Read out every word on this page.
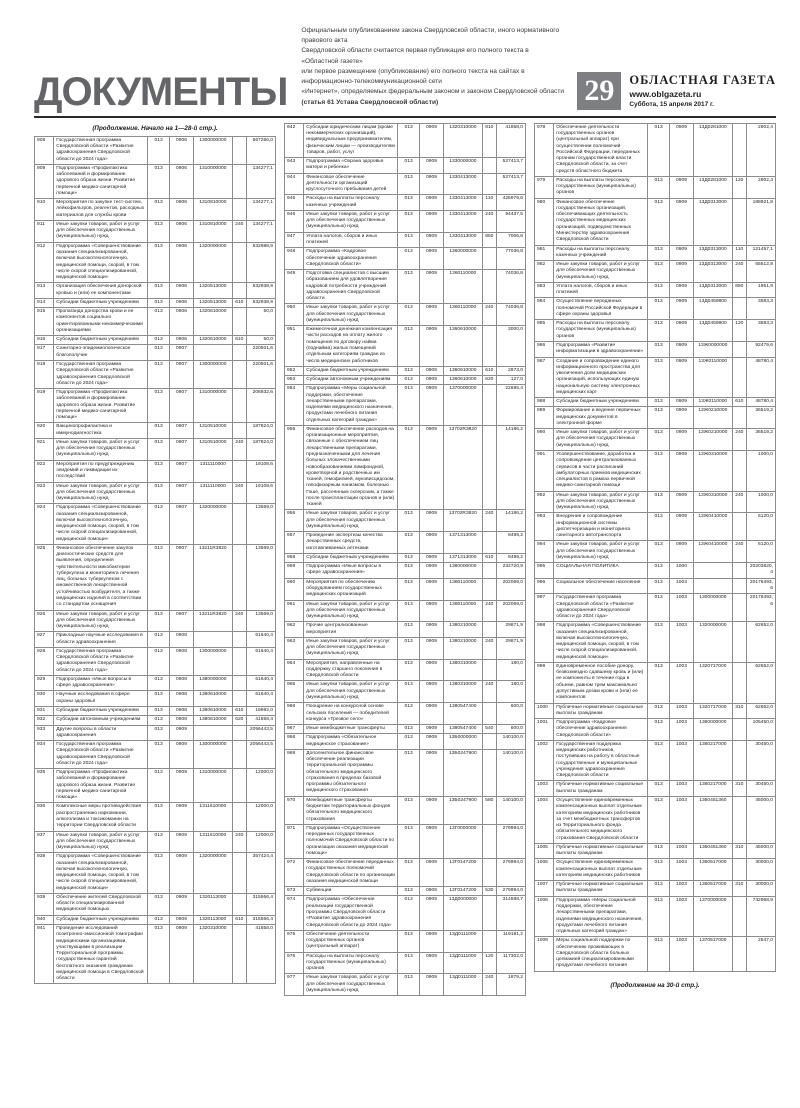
ДОКУМЕНТЫ
Официальным опубликованием закона Свердловской области, иного нормативного правового акта
Свердловской области считается первая публикация его полного текста в «Областной газете»
или первое размещение (опубликование) его полного текста на сайтах в информационно-телекоммуникационной сети
«Интернет», определяемых федеральным законом и законом Свердловской области (статья 61 Устава Свердловской области)	29	ОБЛАСТНАЯ ГАЗЕТА
www.oblgazeta.ru
Суббота, 15 апреля 2017 г.
(Продолжение. Начало на 1—28-й стр.).
908	Государственная программа Свердловской области «Развитие здравоохранения Свердловской области до 2024 года»	013	0906	1300000000		667266,0
909	Подпрограмма «Профилактика заболеваний и формирование здорового образа жизни. Развитие первичной медико-санитарной помощи»	013	0906	1310000000		134277,1
910	Мероприятия по закупке тест-систем, лейкофильтров, реагентов, расходных материалов для службы крови	013	0906	1310810000		134277,1
911	Иные закупки товаров, работ и услуг для обеспечения государственных (муниципальных) нужд	013	0906	1310810000	240	134277,1
912	Подпрограмма «Совершенствование оказания специализированной, включая высокотехнологичную, медицинской помощи, скорой, в том числе скорой специализированной, медицинской помощи»	013	0906	1320000000		532988,9
913	Организация обеспечения донорской кровью и (или) ее компонентами	013	0906	1320513000		532938,9
914	Субсидии бюджетным учреждениям	013	0906	1320513000	610	532938,9
915	Пропаганда донорства крови и ее компонентов социально ориентированными некоммерческими организациями	013	0906	1320610000		50,0
916	Субсидии бюджетным учреждениям	013	0906	1320610000	610	50,0
917	Санитарно-эпидемиологическое благополучие	013	0907			220501,6
918	Государственная программа Свердловской области «Развитие здравоохранения Свердловской области до 2024 года»	013	0907	1300000000		220501,6
919	Подпрограмма «Профилактика заболеваний и формирование здорового образа жизни. Развитие первичной медико-санитарной помощи»	013	0907	1310000000		206932,6
920	Вакцинопрофилактика и иммунодиагностика	013	0907	1310510000		187824,0
921	Иные закупки товаров, работ и услуг для обеспечения государственных (муниципальных) нужд	013	0907	1310510000	240	187824,0
922	Мероприятия по предупреждению эпидемий и ликвидации их последствий	013	0907	1311110000		19108,6
923	Иные закупки товаров, работ и услуг для обеспечения государственных (муниципальных) нужд	013	0907	1311110000	240	19108,6
924	Подпрограмма «Совершенствование оказания специализированной, включая высокотехнологичную, медицинской помощи, скорой, в том числе скорой специализированной, медицинской помощи»	013	0907	1320000000		13569,0
925	Финансовое обеспечение закупок диагностических средств для выявления, определения чувствительности микобактерии туберкулеза и мониторинга лечения лиц, больных туберкулезом с множественной лекарственной устойчивостью возбудителя, а также медицинских изделий в соответствии со стандартом оснащения	013	0907	13211R3820		13569,0
926	Иные закупки товаров, работ и услуг для обеспечения государственных (муниципальных) нужд	013	0907	13211R3820	240	13569,0
927	Прикладные научные исследования в области здравоохранения	013	0908			61640,4
928	Государственная программа Свердловской области «Развитие здравоохранения Свердловской области до 2024 года»	013	0908	1300000000		61640,4
929	Подпрограмма «Иные вопросы в сфере здравоохранения»	013	0908	1380000000		61640,4
930	Научные исследования в сфере охраны здоровья	013	0908	1380610000		61640,4
931	Субсидии бюджетным учреждениям	013	0908	1380610000	610	19982,0
932	Субсидии автономным учреждениям	013	0908	1380610000	620	41658,4
933	Другие вопросы в области здравоохранения	013	0909			2056443,5
934	Государственная программа Свердловской области «Развитие здравоохранения Свердловской области до 2024 года»	013	0909	1300000000		2056443,5
935	Подпрограмма «Профилактика заболеваний и формирование здорового образа жизни. Развитие первичной медико-санитарной помощи»	013	0909	1310000000		12000,0
936	Комплексные меры противодействия распространению наркомании, алкоголизма и токсикомании на территории Свердловской области	013	0909	1311610000		12000,0
937	Иные закупки товаров, работ и услуг для обеспечения государственных (муниципальных) нужд	013	0909	1311610000	240	12000,0
938	Подпрограмма «Совершенствование оказания специализированной, включая высокотехнологичную, медицинской помощи, скорой, в том числе скорой специализированной, медицинской помощи»	013	0909	1320000000		357424,4
939	Обеспечение жителей Свердловской области специализированной медицинской помощью	013	0909	1320113000		315566,4
940	Субсидии бюджетным учреждениям	013	0909	1320113000	610	315566,4
941	Проведение исследований позитронно-эмиссионной томографии медицинскими организациями, участвующими в реализации Территориальной программы государственных гарантий бесплатного оказания гражданам медицинской помощи в Свердловской области	013	0909	1320310000		41858,0
942	Субсидии юридическим лицам (кроме некоммерческих организаций), индивидуальным предпринимателям, физическим лицам — производителям товаров, работ, услуг	013	0909	1320310000	810	41858,0
943	Подпрограмма «Охрана здоровья матери и ребенка»	013	0909	1330000000		527413,7
944	Финансовое обеспечение деятельности организаций круглосуточного пребывания детей	013	0909	1330413000		527413,7
945	Расходы на выплаты персоналу казенных учреждений	013	0909	1330413000	110	425979,6
946	Иные закупки товаров, работ и услуг для обеспечения государственных (муниципальных) нужд	013	0909	1330413000	240	94437,5
947	Уплата налогов, сборов и иных платежей	013	0909	1330413000	850	7006,6
948	Подпрограмма «Кадровое обеспечение здравоохранения Свердловской области»	013	0909	1360000000		77036,8
949	Подготовка специалистов с высшим образованием для удовлетворения кадровой потребности учреждений здравоохранения Свердловской области	013	0909	1360110000		74036,8
950	Иные закупки товаров, работ и услуг для обеспечения государственных (муниципальных) нужд	013	0909	1360110000	240	74036,8
951	Ежемесячная денежная компенсация части расходов на оплату жилого помещения по договору найма (поднайма) жилых помещений отдельным категориям граждан из числа медицинских работников	013	0909	1360610000		3000,0
952	Субсидии бюджетным учреждениям	013	0909	1360610000	610	2873,0
953	Субсидии автономным учреждениям	013	0909	1360610000	620	127,0
954	Подпрограмма «Меры социальной поддержки, обеспечение лекарственными препаратами, изделиями медицинского назначения, продуктами лечебного питания отдельных категорий граждан»	013	0909	1370000000		22685,4
955	Финансовое обеспечение расходов на организационные мероприятия, связанные с обеспечением лиц лекарственными препаратами, предназначенными для лечения больных злокачественными новообразованиями лимфоидной, кроветворной и родственных им тканей, гемофилией, муковисцидозом, гипофизарным нанизмом, болезнью Гоше, рассеянным склерозом, а также после трансплантации органов и (или) тканей	013	0909	13702R3820		14186,2
956	Иные закупки товаров, работ и услуг для обеспечения государственных (муниципальных) нужд	013	0909	13702R3820	240	14186,2
957	Проведение экспертизы качества лекарственных средств, изготавливаемых аптеками	013	0909	1371313000		8499,2
958	Субсидии бюджетным учреждениям	013	0909	1371313000	610	8499,2
959	Подпрограмма «Иные вопросы в сфере здравоохранения»	013	0909	1380000000		232720,9
960	Мероприятия по обеспечению оборудованием государственных медицинских организаций	013	0909	1380110000		202069,0
961	Иные закупки товаров, работ и услуг для обеспечения государственных (муниципальных) нужд	013	0909	1380110000	240	202069,0
962	Прочие централизованные мероприятия	013	0909	1380210000		29871,9
963	Иные закупки товаров, работ и услуг для обеспечения государственных (муниципальных) нужд	013	0909	1380210000	240	29871,9
964	Мероприятия, направленные на поддержку старшего поколения в Свердловской области	013	0909	1380310000		180,0
965	Иные закупки товаров, работ и услуг для обеспечения государственных (муниципальных) нужд	013	0909	1380310000	240	180,0
966	Поощрение на конкурсной основе сельских поселений — победителей конкурса «Трезвое село»	013	0909	1380547400		600,0
967	Иные межбюджетные трансферты	013	0909	1380547400	540	600,0
968	Подпрограмма «Обязательное медицинское страхование»	013	0909	13Б0000000		140100,0
969	Дополнительное финансовое обеспечение реализации территориальной программы обязательного медицинского страхования в пределах базовой программы обязательного медицинского страхования	013	0909	13Б0247900		140100,0
970	Межбюджетные трансферты бюджетам территориальных фондов обязательного медицинского страхования	013	0909	13Б0247900	580	140100,0
971	Подпрограмма «Осуществление переданных государственных полномочий Свердловской области по организации оказания медицинской помощи»	013	0909	13Г0000000		279994,0
972	Финансовое обеспечение переданных государственных полномочий Свердловской области по организации оказания медицинской помощи	013	0909	13Г0147200		279994,0
973	Субвенции	013	0909	13Г0147200	530	279994,0
974	Подпрограмма «Обеспечение реализации государственной программы Свердловской области «Развитие здравоохранения Свердловской области до 2024 года»	013	0909	13Д0000000		314588,7
975	Обеспечение деятельности государственных органов (центральный аппарат)	013	0909	13Д0111000		119181,2
976	Расходы на выплаты персоналу государственных (муниципальных) органов	013	0909	13Д0111000	120	117302,0
977	Иные закупки товаров, работ и услуг для обеспечения государственных (муниципальных) нужд	013	0909	13Д0111000	240	1879,2
978	Обеспечение деятельности государственных органов (центральный аппарат) при осуществлении полномочий Российской Федерации, переданных органам государственной власти Свердловской области, за счет средств областного бюджета	013	0909	13Д0281000		2902,4
979	Расходы на выплаты персоналу государственных (муниципальных) органов	013	0909	13Д0281000	120	2902,4
980	Финансовое обеспечение государственных организаций, обеспечивающих деятельность государственных медицинских организаций, подведомственных Министерству здравоохранения Свердловской области	013	0909	13Д0313000		188921,8
981	Расходы на выплаты персоналу казенных учреждений	013	0909	13Д0313000	110	121457,1
982	Иные закупки товаров, работ и услуг для обеспечения государственных (муниципальных) нужд	013	0909	13Д0313000	240	65512,8
983	Уплата налогов, сборов и иных платежей	013	0909	13Д0313000	850	1951,9
984	Осуществление переданных полномочий Российской Федерации в сфере охраны здоровья	013	0909	13Д0459800		3583,3
985	Расходы на выплаты персоналу государственных (муниципальных) органов	013	0909	13Д0459800	120	3583,3
986	Подпрограмма «Развитие информатизации в здравоохранении»	013	0909	13Ж0000000		92479,6
987	Создание и сопровождение единого информационного пространства для увеличения доли медицинских организаций, использующих единую национальную систему электронных медицинских карт	013	0909	13Ж0110000		48780,4
988	Субсидии бюджетным учреждениям	013	0909	13Ж0110000	610	48780,4
989	Формирование и ведение первичных медицинских документов в электронной форме	013	0909	13Ж0210000		36519,2
990	Иные закупки товаров, работ и услуг для обеспечения государственных (муниципальных) нужд	013	0909	13Ж0210000	240	36519,2
991	Усовершенствование, доработка и сопровождение централизованных сервисов в части расписаний амбулаторных приемов медицинских специалистов в рамках первичной медико-санитарной помощи	013	0909	13Ж0310000		1000,0
992	Иные закупки товаров, работ и услуг для обеспечения государственных (муниципальных) нужд	013	0909	13Ж0310000	240	1000,0
993	Внедрение и сопровождение информационной системы диспетчеризации и мониторинга санитарного автотранспорта	013	0909	13Ж0410000		6120,0
994	Иные закупки товаров, работ и услуг для обеспечения государственных (муниципальных) нужд	013	0909	13Ж0410000	240	6120,0
995	СОЦИАЛЬНАЯ ПОЛИТИКА	013	1000			20203820,4
996	Социальное обеспечение населения	013	1003			20176493,6
997	Государственная программа Свердловской области «Развитие здравоохранения Свердловской области до 2024 года»	013	1003	1300000000		20176493,6
998	Подпрограмма «Совершенствование оказания специализированной, включая высокотехнологичную, медицинской помощи, скорой, в том числе скорой специализированной, медицинской помощи»	013	1003	1320000000		62652,0
999	Единовременное пособие донору, безвозмездно сдавшему кровь и (или) ее компоненты в течение года в объеме, равном трем максимально допустимым дозам крови и (или) ее компонентов	013	1003	1320717000		62652,0
1000	Публичные нормативные социальные выплаты гражданам	013	1003	1320717000	310	62652,0
1001	Подпрограмма «Кадровое обеспечение здравоохранения Свердловской области»	013	1003	1360000000		105450,0
1002	Государственная поддержка медицинских работников, поступивших на работу в областные государственные и муниципальные учреждения здравоохранения Свердловской области	013	1003	1360217000		30450,0
1003	Публичные нормативные социальные выплаты гражданам	013	1003	1360217000	310	30450,0
1004	Осуществление единовременных компенсационных выплат отдельным категориям медицинских работников за счет межбюджетных трансфертов из Территориального фонда обязательного медицинского страхования Свердловской области	013	1003	1360451360		45000,0
1005	Публичные нормативные социальные выплаты гражданам	013	1003	1360451360	310	45000,0
1006	Осуществление единовременных компенсационных выплат отдельным категориям медицинских работников	013	1003	1360517000		30000,0
1007	Публичные нормативные социальные выплаты гражданам	013	1003	1360517000	310	30000,0
1008	Подпрограмма «Меры социальной поддержки, обеспечение лекарственными препаратами, изделиями медицинского назначения, продуктами лечебного питания отдельных категорий граждан»	013	1003	1370000000		742968,9
1009	Меры социальной поддержки по обеспечению проживающих в Свердловской области больных целиакией специализированными продуктами лечебного питания	013	1003	1370517000		2547,0
(Продолжение на 30-й стр.).
